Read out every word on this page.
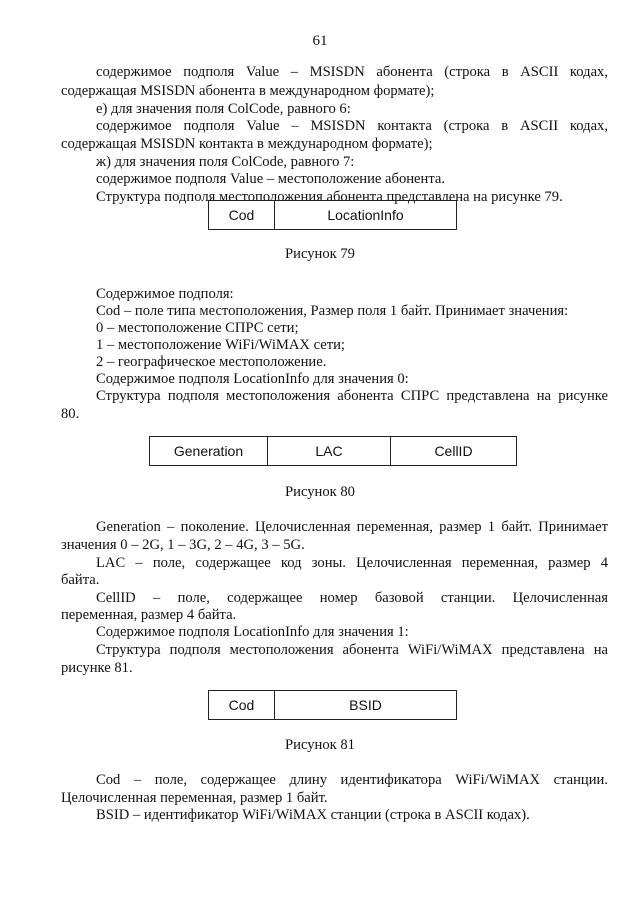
61
содержимое подполя Value – MSISDN абонента (строка в ASCII кодах,
содержащая MSISDN абонента в международном формате);
е) для значения поля ColCode, равного 6:
содержимое подполя Value – MSISDN контакта (строка в ASCII кодах,
содержащая MSISDN контакта в международном формате);
ж) для значения поля ColCode, равного 7:
содержимое подполя Value – местоположение абонента.
Структура подполя местоположения абонента представлена на рисунке 79.
Cod	LocationInfo
Рисунок 79
Содержимое подполя:
Cod – поле типа местоположения, Размер поля 1 байт. Принимает значения:
0 – местоположение СПРС сети;
1 – местоположение WiFi/WiMAX сети;
2 – географическое местоположение.
Содержимое подполя LocationInfo для значения 0:
Структура подполя местоположения абонента СПРС представлена на рисунке
80.
Generation	LAC	CellID
Рисунок 80
Generation – поколение. Целочисленная переменная, размер 1 байт. Принимает
значения 0 – 2G, 1 – 3G, 2 – 4G, 3 – 5G.
LAC – поле, содержащее код зоны. Целочисленная переменная, размер 4
байта.
CellID – поле, содержащее номер базовой станции. Целочисленная
переменная, размер 4 байта.
Содержимое подполя LocationInfo для значения 1:
Структура подполя местоположения абонента WiFi/WiMAX представлена на
рисунке 81.
Cod	BSID
Рисунок 81
Cod – поле, содержащее длину идентификатора WiFi/WiMAX станции.
Целочисленная переменная, размер 1 байт.
BSID – идентификатор WiFi/WiMAX станции (строка в ASCII кодах).
